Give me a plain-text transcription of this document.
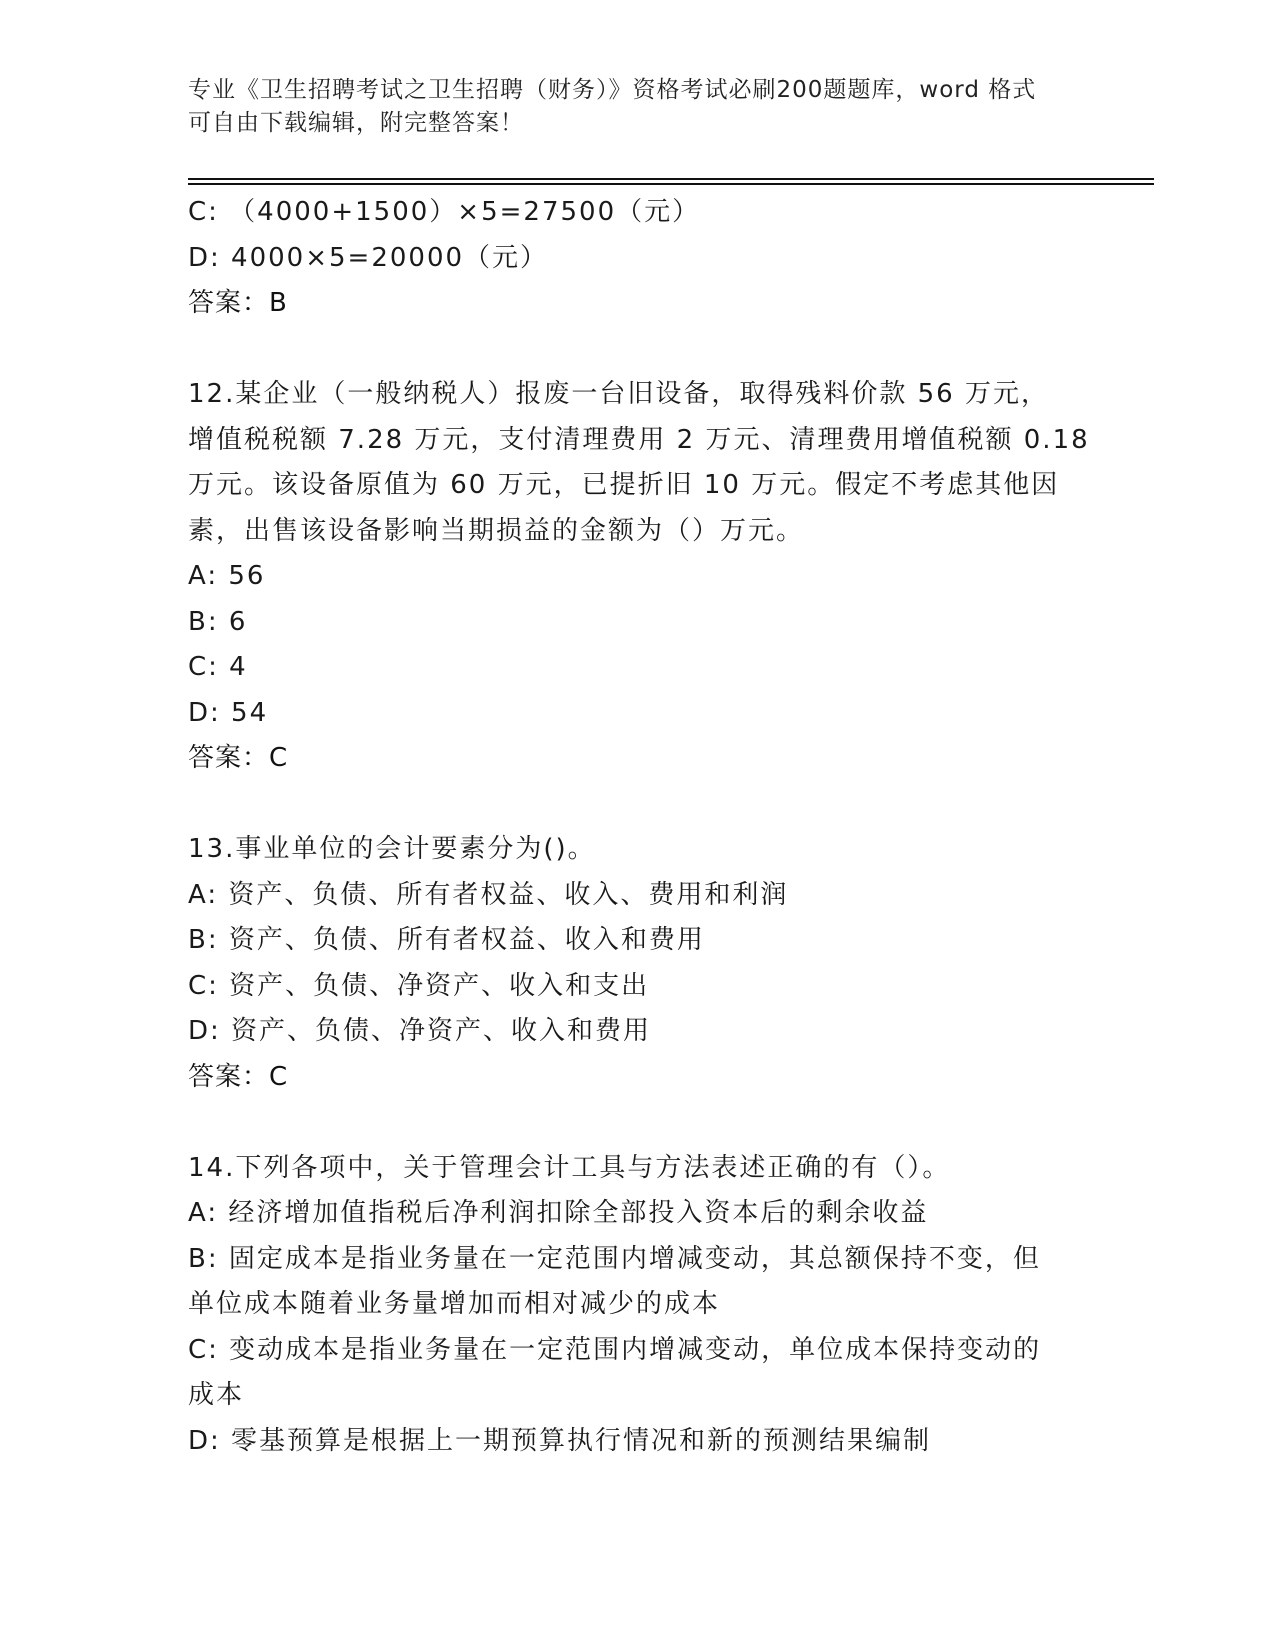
专业《卫生招聘考试之卫生招聘（财务）》资格考试必刷200题题库，word 格式
可自由下载编辑，附完整答案！
C: （4000+1500）×5=27500（元）
D: 4000×5=20000（元）
答案：B
12.某企业（一般纳税人）报废一台旧设备，取得残料价款 56 万元，
增值税税额 7.28 万元，支付清理费用 2 万元、清理费用增值税额 0.18
万元。该设备原值为 60 万元，已提折旧 10 万元。假定不考虑其他因
素，出售该设备影响当期损益的金额为（）万元。
A: 56
B: 6
C: 4
D: 54
答案：C
13.事业单位的会计要素分为()。
A: 资产、负债、所有者权益、收入、费用和利润
B: 资产、负债、所有者权益、收入和费用
C: 资产、负债、净资产、收入和支出
D: 资产、负债、净资产、收入和费用
答案：C
14.下列各项中，关于管理会计工具与方法表述正确的有（）。
A: 经济增加值指税后净利润扣除全部投入资本后的剩余收益
B: 固定成本是指业务量在一定范围内增减变动，其总额保持不变，但
单位成本随着业务量增加而相对减少的成本
C: 变动成本是指业务量在一定范围内增减变动，单位成本保持变动的
成本
D: 零基预算是根据上一期预算执行情况和新的预测结果编制
